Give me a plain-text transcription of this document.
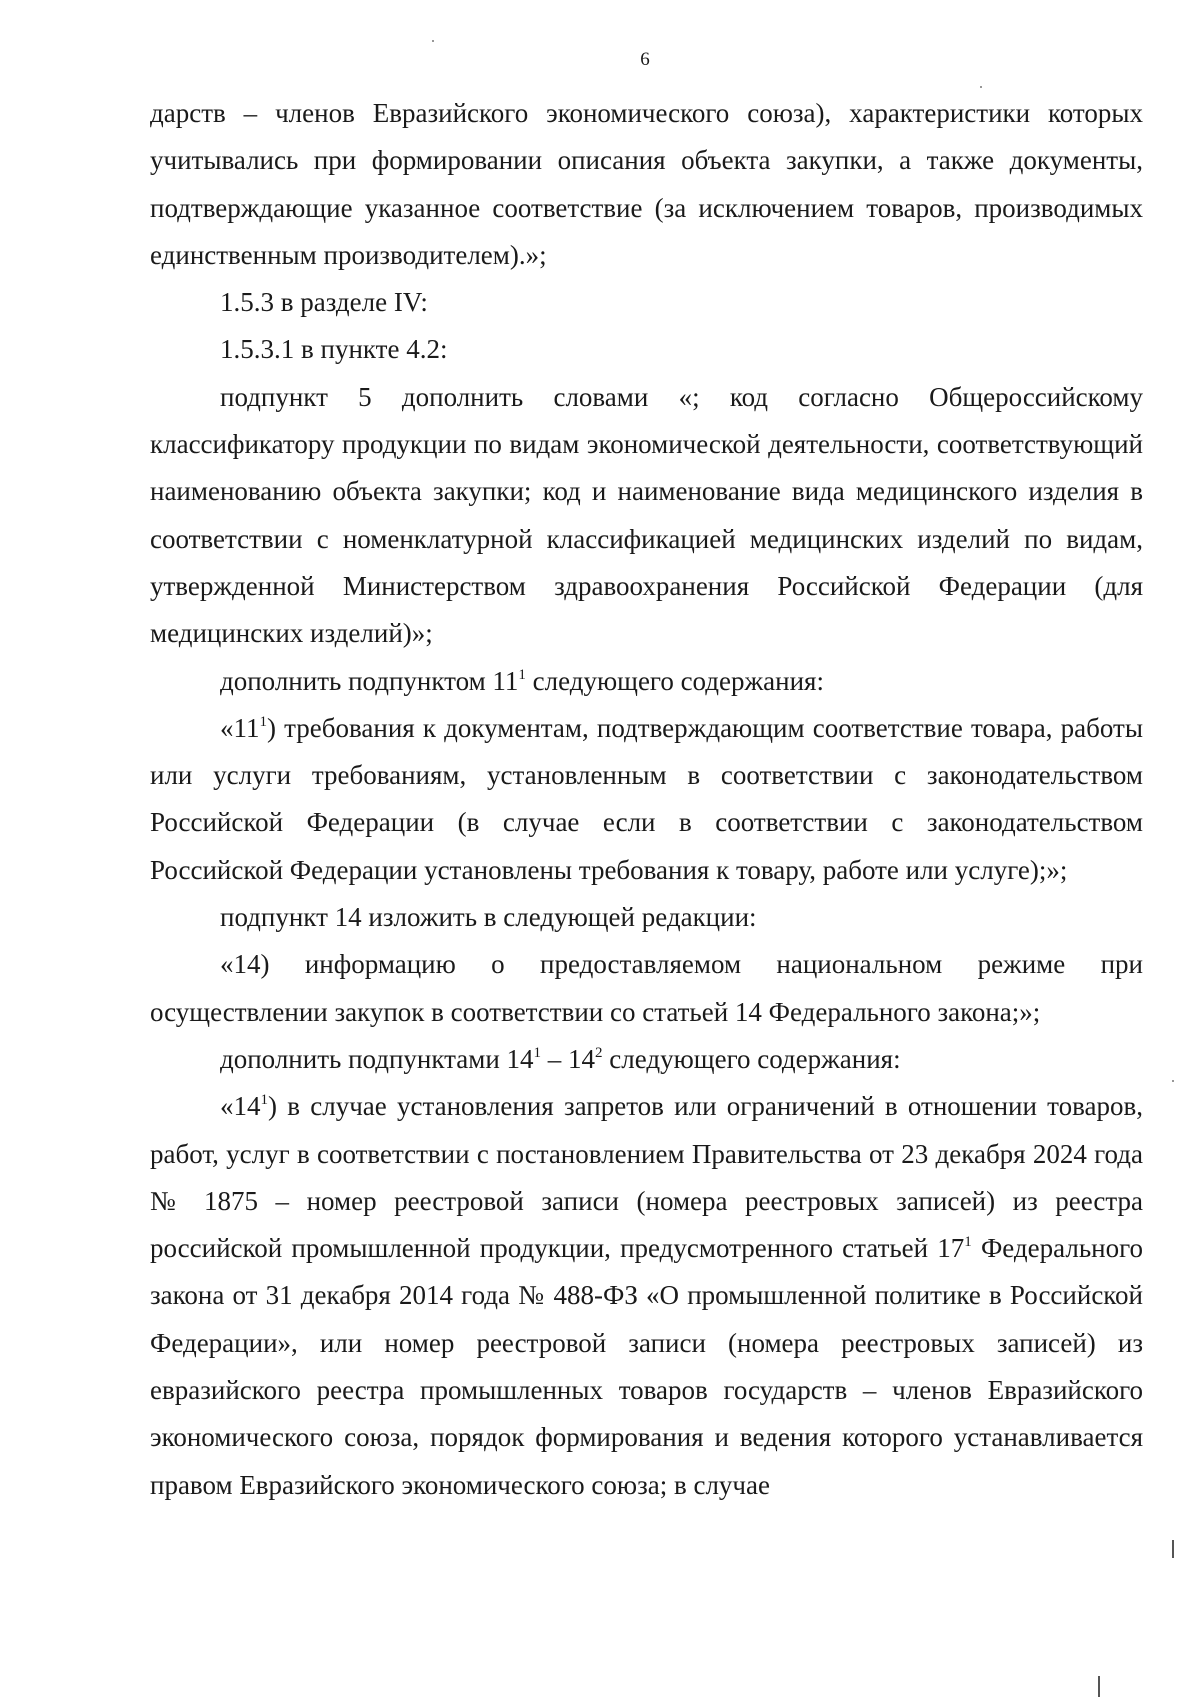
6

дарств – членов Евразийского экономического союза), характеристики которых учитывались при формировании описания объекта закупки, а также документы, подтверждающие указанное соответствие (за исключением товаров, производимых единственным производителем).»;

1.5.3 в разделе IV:

1.5.3.1 в пункте 4.2:

подпункт 5 дополнить словами «; код согласно Общероссийскому классификатору продукции по видам экономической деятельности, соответствующий наименованию объекта закупки; код и наименование вида медицинского изделия в соответствии с номенклатурной классификацией медицинских изделий по видам, утвержденной Министерством здравоохранения Российской Федерации (для медицинских изделий)»;

дополнить подпунктом $11^1$ следующего содержания:

«$11^1$) требования к документам, подтверждающим соответствие товара, работы или услуги требованиям, установленным в соответствии с законодательством Российской Федерации (в случае если в соответствии с законодательством Российской Федерации установлены требования к товару, работе или услуге);»;

подпункт 14 изложить в следующей редакции:

«14) информацию о предоставляемом национальном режиме при осуществлении закупок в соответствии со статьей 14 Федерального закона;»;

дополнить подпунктами $14^1 - 14^2$ следующего содержания:

«$14^1$) в случае установления запретов или ограничений в отношении товаров, работ, услуг в соответствии с постановлением Правительства от 23 декабря 2024 года № 1875 – номер реестровой записи (номера реестровых записей) из реестра российской промышленной продукции, предусмотренного статьей $17^1$ Федерального закона от 31 декабря 2014 года № 488-ФЗ «О промышленной политике в Российской Федерации», или номер реестровой записи (номера реестровых записей) из евразийского реестра промышленных товаров государств – членов Евразийского экономического союза, порядок формирования и ведения которого устанавливается правом Евразийского экономического союза; в случае
